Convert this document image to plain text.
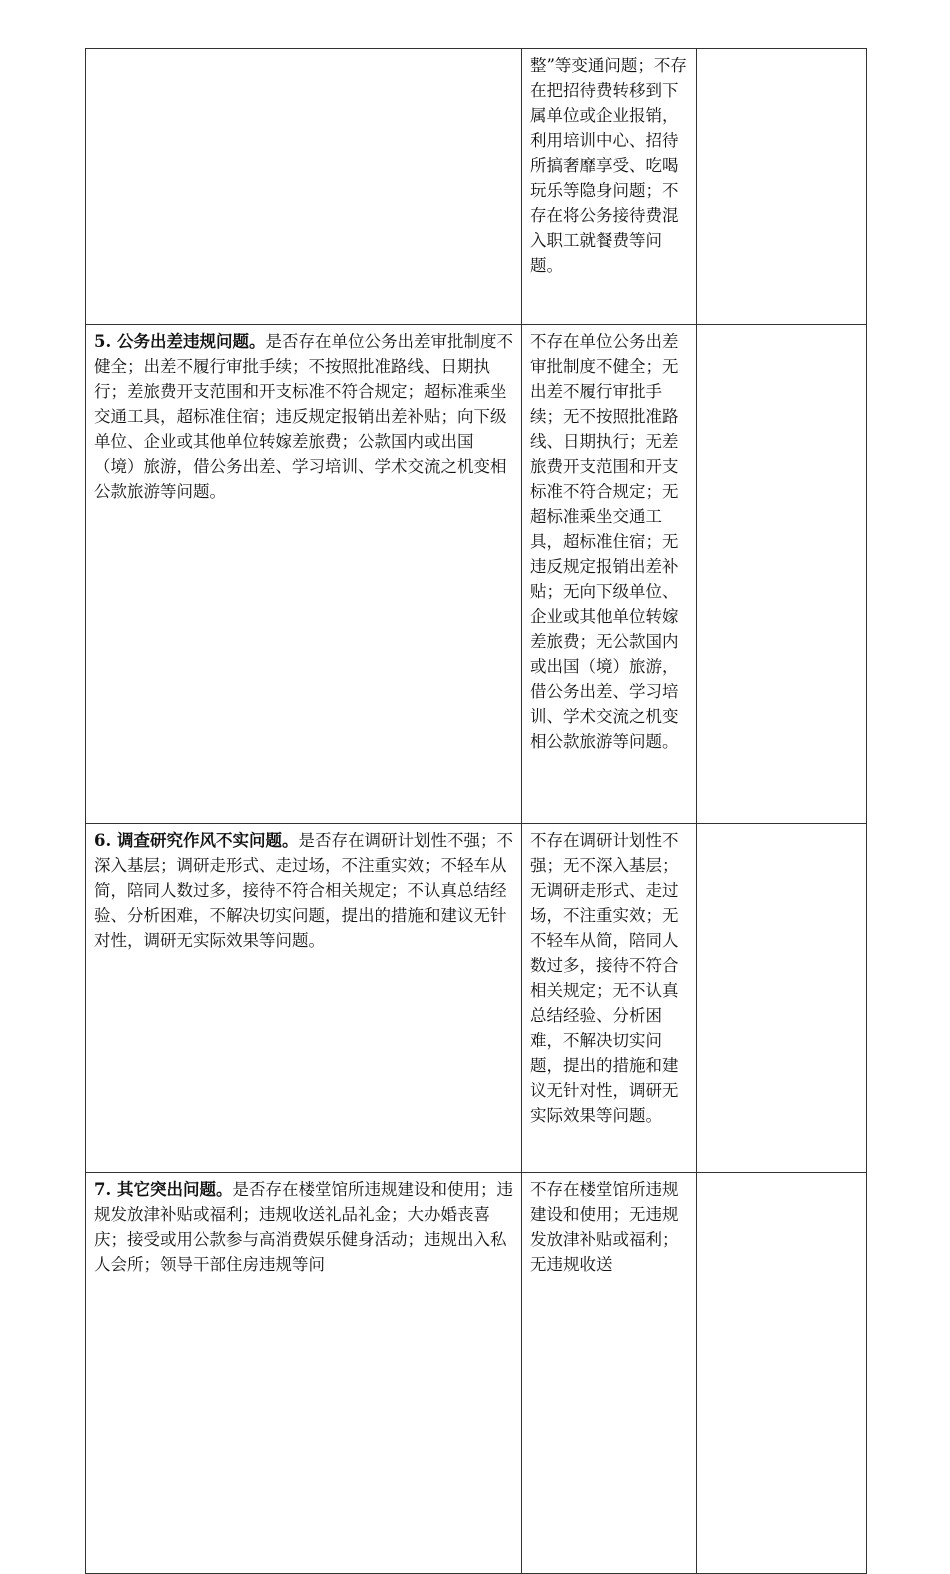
	整”等变通问题；不存在把招待费转移到下属单位或企业报销，利用培训中心、招待所搞奢靡享受、吃喝玩乐等隐身问题；不存在将公务接待费混入职工就餐费等问题。	
5. 公务出差违规问题。是否存在单位公务出差审批制度不健全；出差不履行审批手续；不按照批准路线、日期执行；差旅费开支范围和开支标准不符合规定；超标准乘坐交通工具，超标准住宿；违反规定报销出差补贴；向下级单位、企业或其他单位转嫁差旅费；公款国内或出国（境）旅游，借公务出差、学习培训、学术交流之机变相公款旅游等问题。	不存在单位公务出差审批制度不健全；无出差不履行审批手续；无不按照批准路线、日期执行；无差旅费开支范围和开支标准不符合规定；无超标准乘坐交通工具，超标准住宿；无违反规定报销出差补贴；无向下级单位、企业或其他单位转嫁差旅费；无公款国内或出国（境）旅游，借公务出差、学习培训、学术交流之机变相公款旅游等问题。	
6. 调查研究作风不实问题。是否存在调研计划性不强；不深入基层；调研走形式、走过场，不注重实效；不轻车从简，陪同人数过多，接待不符合相关规定；不认真总结经验、分析困难，不解决切实问题，提出的措施和建议无针对性，调研无实际效果等问题。	不存在调研计划性不强；无不深入基层；无调研走形式、走过场，不注重实效；无不轻车从简，陪同人数过多，接待不符合相关规定；无不认真总结经验、分析困难，不解决切实问题，提出的措施和建议无针对性，调研无实际效果等问题。	
7. 其它突出问题。是否存在楼堂馆所违规建设和使用；违规发放津补贴或福利；违规收送礼品礼金；大办婚丧喜庆；接受或用公款参与高消费娱乐健身活动；违规出入私人会所；领导干部住房违规等问	不存在楼堂馆所违规建设和使用；无违规发放津补贴或福利；无违规收送	
